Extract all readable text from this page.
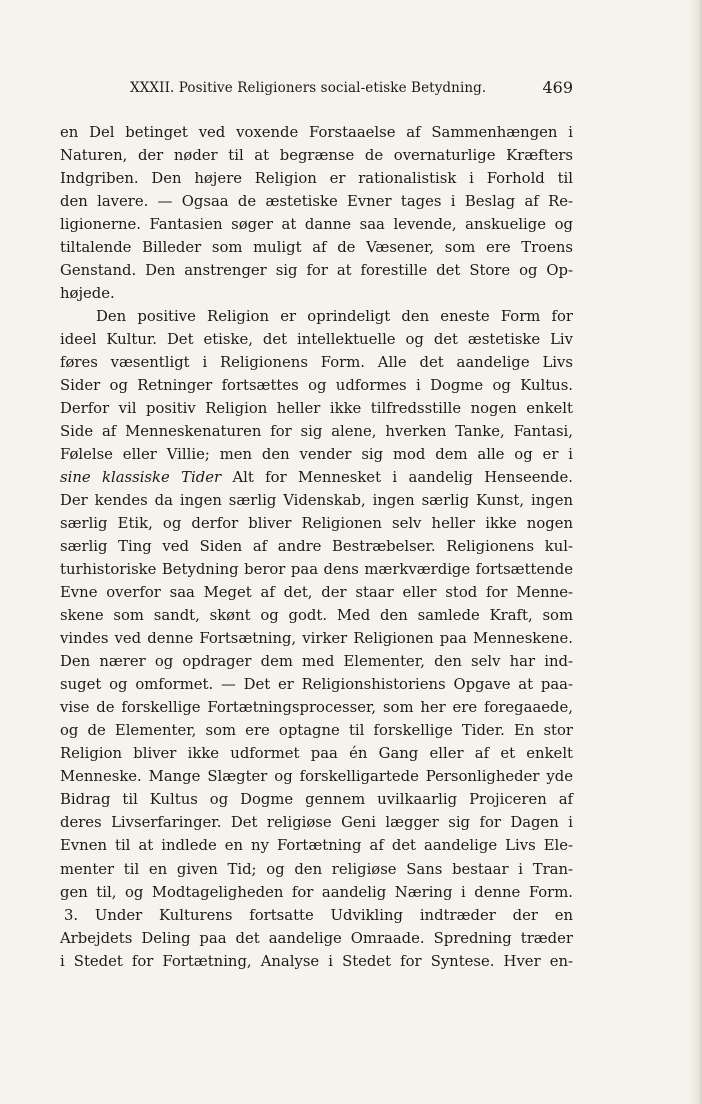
XXXII. Positive Religioners social-etiske Betydning.	469
en Del betinget ved voxende Forstaaelse af Sammenhængen i
Naturen, der nøder til at begrænse de overnaturlige Kræfters
Indgriben. Den højere Religion er rationalistisk i Forhold til
den lavere. — Ogsaa de æstetiske Evner tages i Beslag af Re-
ligionerne. Fantasien søger at danne saa levende, anskuelige og
tiltalende Billeder som muligt af de Væsener, som ere Troens
Genstand. Den anstrenger sig for at forestille det Store og Op-
højede.
Den positive Religion er oprindeligt den eneste Form for
ideel Kultur. Det etiske, det intellektuelle og det æstetiske Liv
føres væsentligt i Religionens Form. Alle det aandelige Livs
Sider og Retninger fortsættes og udformes i Dogme og Kultus.
Derfor vil positiv Religion heller ikke tilfredsstille nogen enkelt
Side af Menneskenaturen for sig alene, hverken Tanke, Fantasi,
Følelse eller Villie; men den vender sig mod dem alle og er i
sine klassiske Tider Alt for Mennesket i aandelig Henseende.
Der kendes da ingen særlig Videnskab, ingen særlig Kunst, ingen
særlig Etik, og derfor bliver Religionen selv heller ikke nogen
særlig Ting ved Siden af andre Bestræbelser. Religionens kul-
turhistoriske Betydning beror paa dens mærkværdige fortsættende
Evne overfor saa Meget af det, der staar eller stod for Menne-
skene som sandt, skønt og godt. Med den samlede Kraft, som
vindes ved denne Fortsætning, virker Religionen paa Menneskene.
Den nærer og opdrager dem med Elementer, den selv har ind-
suget og omformet. — Det er Religionshistoriens Opgave at paa-
vise de forskellige Fortætningsprocesser, som her ere foregaaede,
og de Elementer, som ere optagne til forskellige Tider. En stor
Religion bliver ikke udformet paa én Gang eller af et enkelt
Menneske. Mange Slægter og forskelligartede Personligheder yde
Bidrag til Kultus og Dogme gennem uvilkaarlig Projiceren af
deres Livserfaringer. Det religiøse Geni lægger sig for Dagen i
Evnen til at indlede en ny Fortætning af det aandelige Livs Ele-
menter til en given Tid; og den religiøse Sans bestaar i Tran-
gen til, og Modtageligheden for aandelig Næring i denne Form.
3. Under Kulturens fortsatte Udvikling indtræder der en
Arbejdets Deling paa det aandelige Omraade. Spredning træder
i Stedet for Fortætning, Analyse i Stedet for Syntese. Hver en-
